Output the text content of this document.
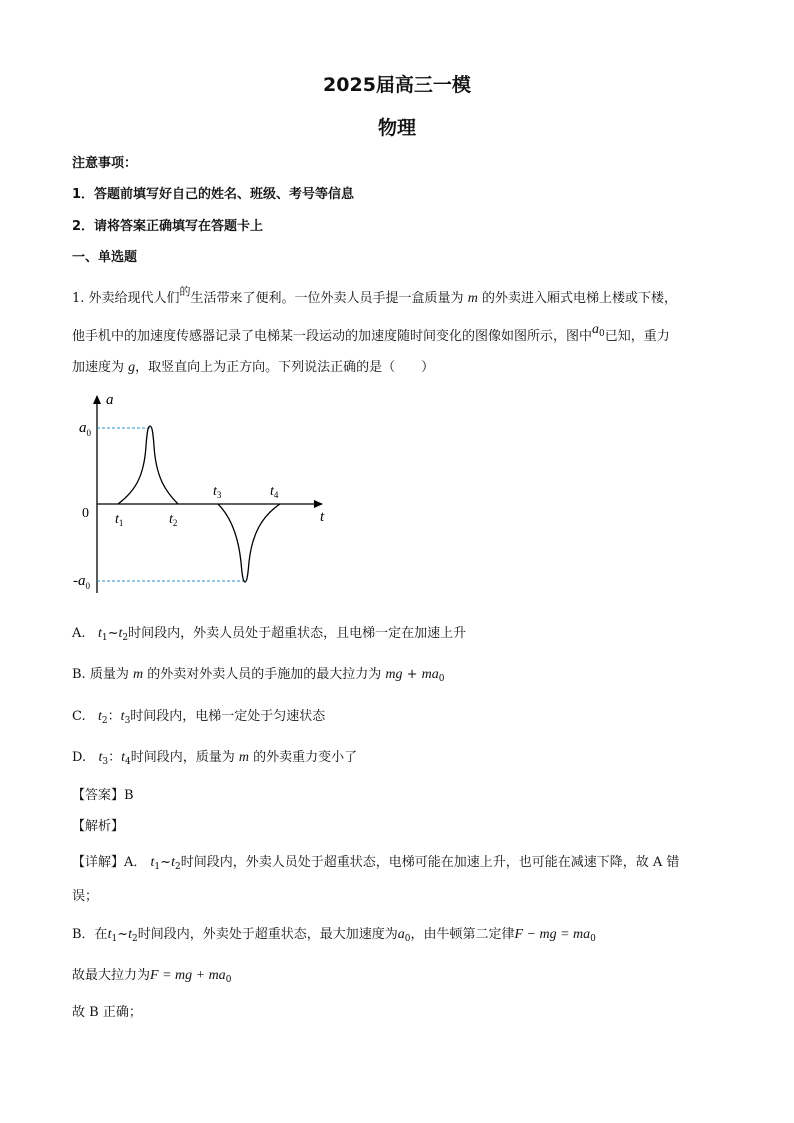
2025届高三一模
物理
注意事项：
1．答题前填写好自己的姓名、班级、考号等信息
2．请将答案正确填写在答题卡上
一、单选题
1. 外卖给现代人们$^的$生活带来了便利。一位外卖人员手提一盒质量为 m 的外卖进入厢式电梯上楼或下楼，
他手机中的加速度传感器记录了电梯某一段运动的加速度随时间变化的图像如图所示，图中$a_0$已知，重力
加速度为 g，取竖直向上为正方向。下列说法正确的是（　　）
a
t
0
$a_0$
$-a_0$
$t_1$	$t_2$
$t_3$	$t_4$
A. $t_1\sim t_2$时间段内，外卖人员处于超重状态，且电梯一定在加速上升
B. 质量为 m 的外卖对外卖人员的手施加的最大拉力为 mg + $ma_0$
C. $t_2$：$t_3$时间段内，电梯一定处于匀速状态
D. $t_3$：$t_4$时间段内，质量为 m 的外卖重力变小了
【答案】B
【解析】
【详解】A． $t_1\sim t_2$时间段内，外卖人员处于超重状态，电梯可能在加速上升，也可能在减速下降，故 A 错
误；
B．在$t_1\sim t_2$时间段内，外卖处于超重状态，最大加速度为$a_0$，由牛顿第二定律F − mg = $ma_0$
故最大拉力为F = mg + $ma_0$
故 B 正确；
